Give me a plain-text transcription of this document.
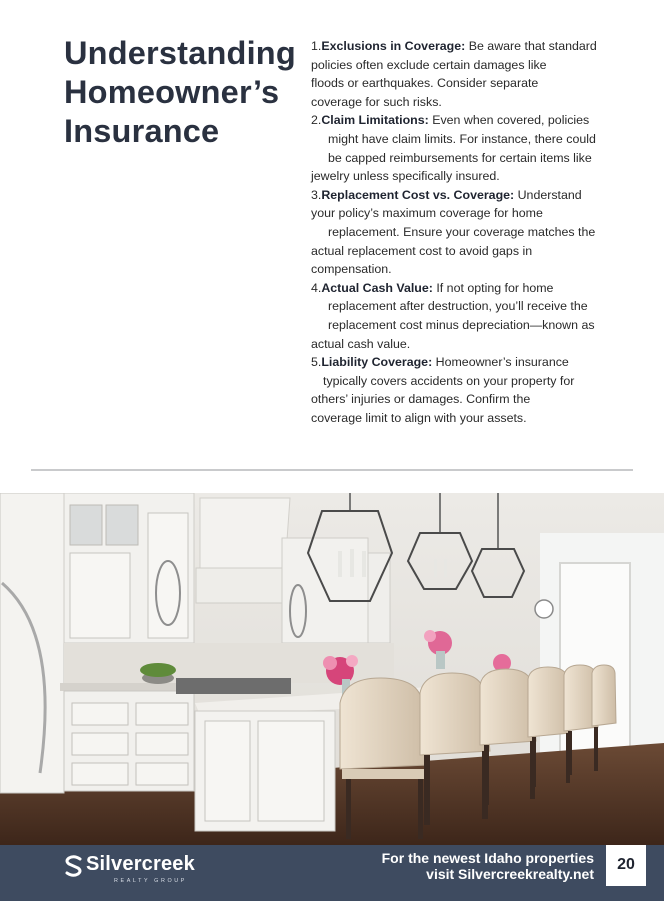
Understanding
Homeowner’s
Insurance
1.Exclusions in Coverage: Be aware that standard
policies often exclude certain damages like
floods or earthquakes. Consider separate
coverage for such risks.
2.Claim Limitations: Even when covered, policies
might have claim limits. For instance, there could
be capped reimbursements for certain items like
jewelry unless specifically insured.
3.Replacement Cost vs. Coverage: Understand
your policy’s maximum coverage for home
replacement. Ensure your coverage matches the
actual replacement cost to avoid gaps in
compensation.
4.Actual Cash Value: If not opting for home
replacement after destruction, you’ll receive the
replacement cost minus depreciation—known as
actual cash value.
5.Liability Coverage: Homeowner’s insurance
typically covers accidents on your property for
others’ injuries or damages. Confirm the
coverage limit to align with your assets.
Silvercreek
REALTY GROUP
For the newest Idaho properties
visit Silvercreekrealty.net
20
